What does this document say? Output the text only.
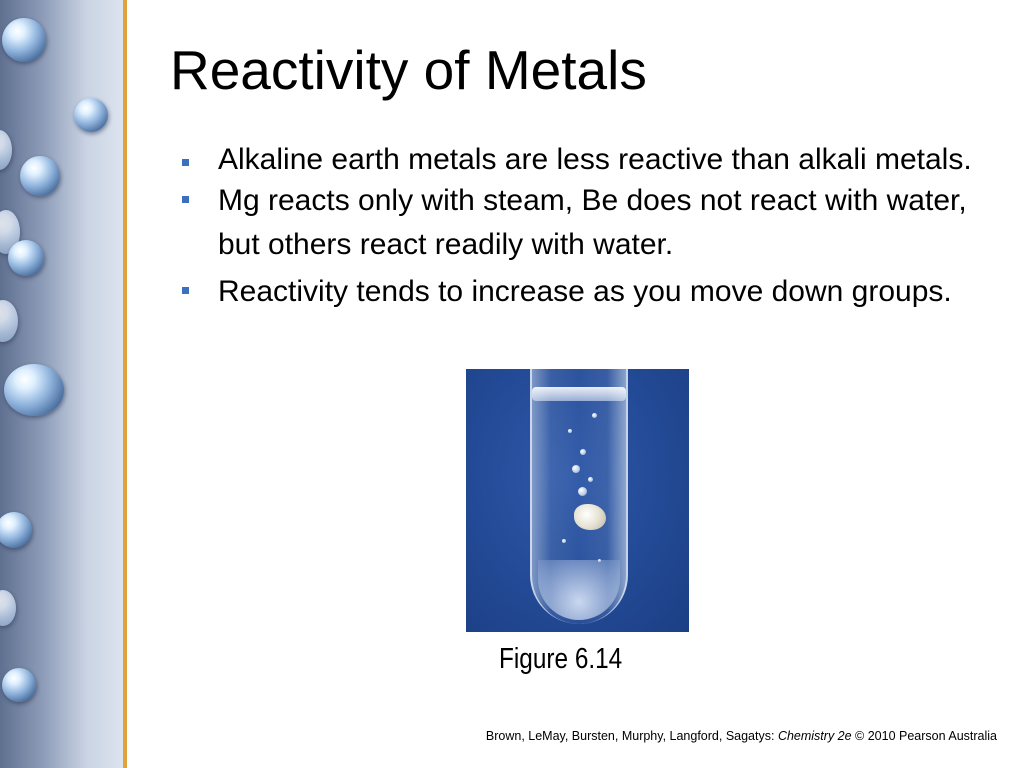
Reactivity of Metals
Alkaline earth metals are less reactive than alkali metals.
Mg reacts only with steam, Be does not react with water, but others react readily with water.
Reactivity tends to increase as you move down groups.

Figure 6.14

Brown, LeMay, Bursten, Murphy, Langford, Sagatys: Chemistry 2e © 2010 Pearson Australia
